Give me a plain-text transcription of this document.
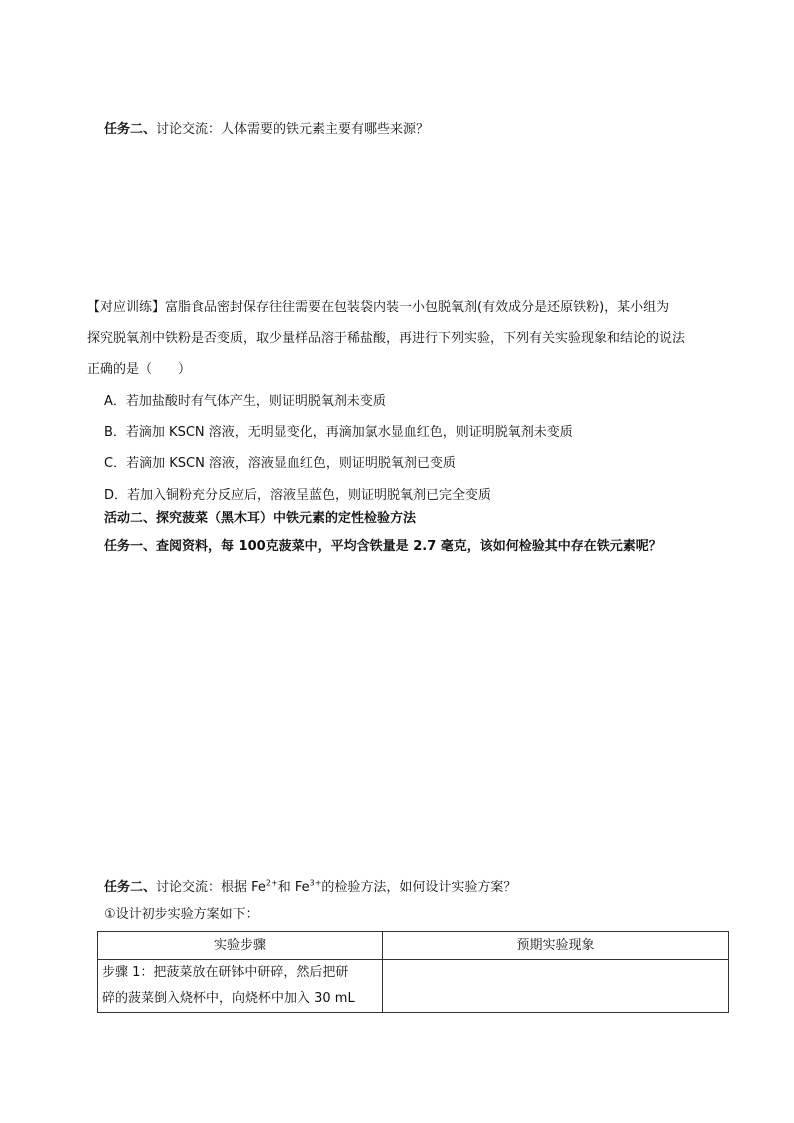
任务二、讨论交流：人体需要的铁元素主要有哪些来源？
【对应训练】富脂食品密封保存往往需要在包装袋内装一小包脱氧剂(有效成分是还原铁粉)，某小组为
探究脱氧剂中铁粉是否变质，取少量样品溶于稀盐酸，再进行下列实验，下列有关实验现象和结论的说法
正确的是（　　）
A．若加盐酸时有气体产生，则证明脱氧剂未变质
B．若滴加 KSCN 溶液，无明显变化，再滴加氯水显血红色，则证明脱氧剂未变质
C．若滴加 KSCN 溶液，溶液显血红色，则证明脱氧剂已变质
D．若加入铜粉充分反应后，溶液呈蓝色，则证明脱氧剂已完全变质
活动二、探究菠菜（黑木耳）中铁元素的定性检验方法
任务一、查阅资料，每 100克菠菜中，平均含铁量是 2.7 毫克，该如何检验其中存在铁元素呢？
任务二、讨论交流：根据 $Fe^{2+}$和 $Fe^{3+}$的检验方法，如何设计实验方案？
①设计初步实验方案如下：
实验步骤	预期实验现象

步骤 1：把菠菜放在研钵中研碎，然后把研
碎的菠菜倒入烧杯中，向烧杯中加入 30 mL	
